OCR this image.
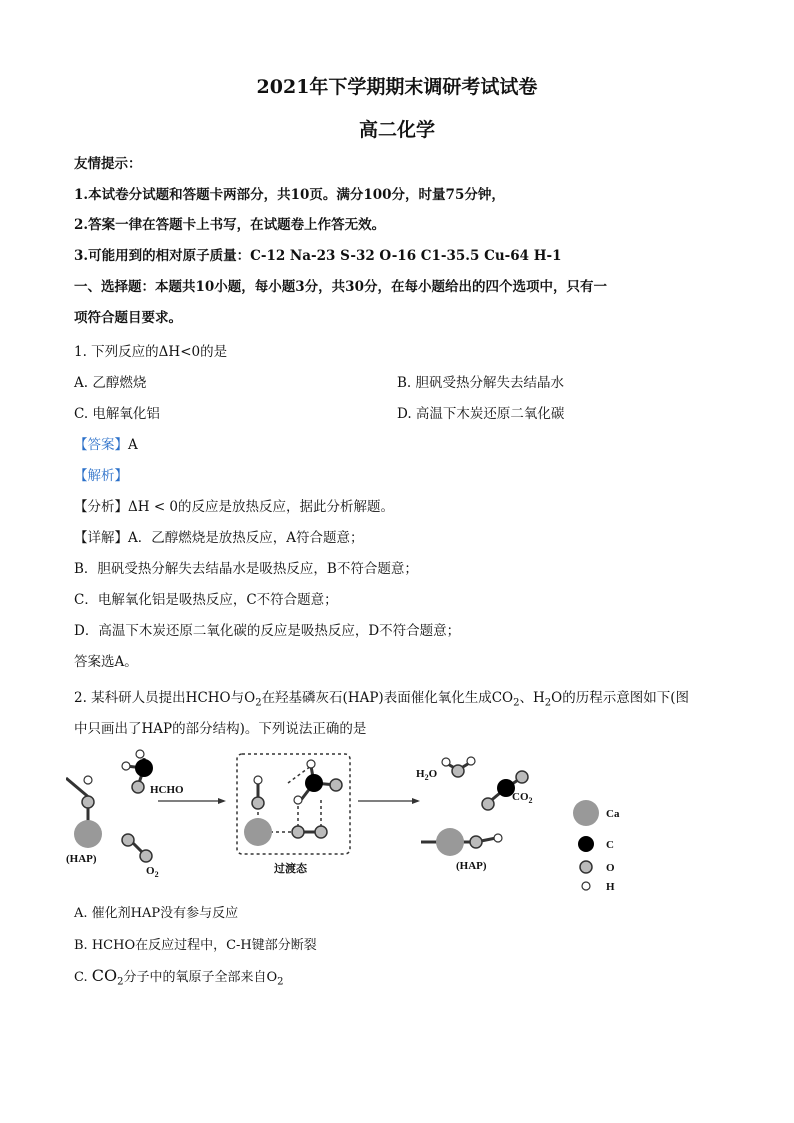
2021年下学期期末调研考试试卷
高二化学
友情提示：
1.本试卷分试题和答题卡两部分，共10页。满分100分，时量75分钟，
2.答案一律在答题卡上书写，在试题卷上作答无效。
3.可能用到的相对原子质量：C-12 Na-23 S-32 O-16 C1-35.5 Cu-64 H-1
一、选择题：本题共10小题，每小题3分，共30分，在每小题给出的四个选项中，只有一
项符合题目要求。
1. 下列反应的ΔH<0的是
A. 乙醇燃烧	B. 胆矾受热分解失去结晶水
C. 电解氧化铝	D. 高温下木炭还原二氧化碳
【答案】A
【解析】
【分析】ΔH < 0的反应是放热反应，据此分析解题。
【详解】A．乙醇燃烧是放热反应，A符合题意；
B．胆矾受热分解失去结晶水是吸热反应，B不符合题意；
C．电解氧化铝是吸热反应，C不符合题意；
D．高温下木炭还原二氧化碳的反应是吸热反应，D不符合题意；
答案选A。
2. 某科研人员提出HCHO与$O_2$在羟基磷灰石(HAP)表面催化氧化生成$CO_2$、$H_2O$的历程示意图如下(图
中只画出了HAP的部分结构)。下列说法正确的是
HCHO
(HAP)
$O_2$	过渡态
$H_2O$
$CO_2$
(HAP)
Ca
C
O
H
A. 催化剂HAP没有参与反应
B. HCHO在反应过程中，C-H键部分断裂
C. $CO_2$分子中的氧原子全部来自$O_2$
